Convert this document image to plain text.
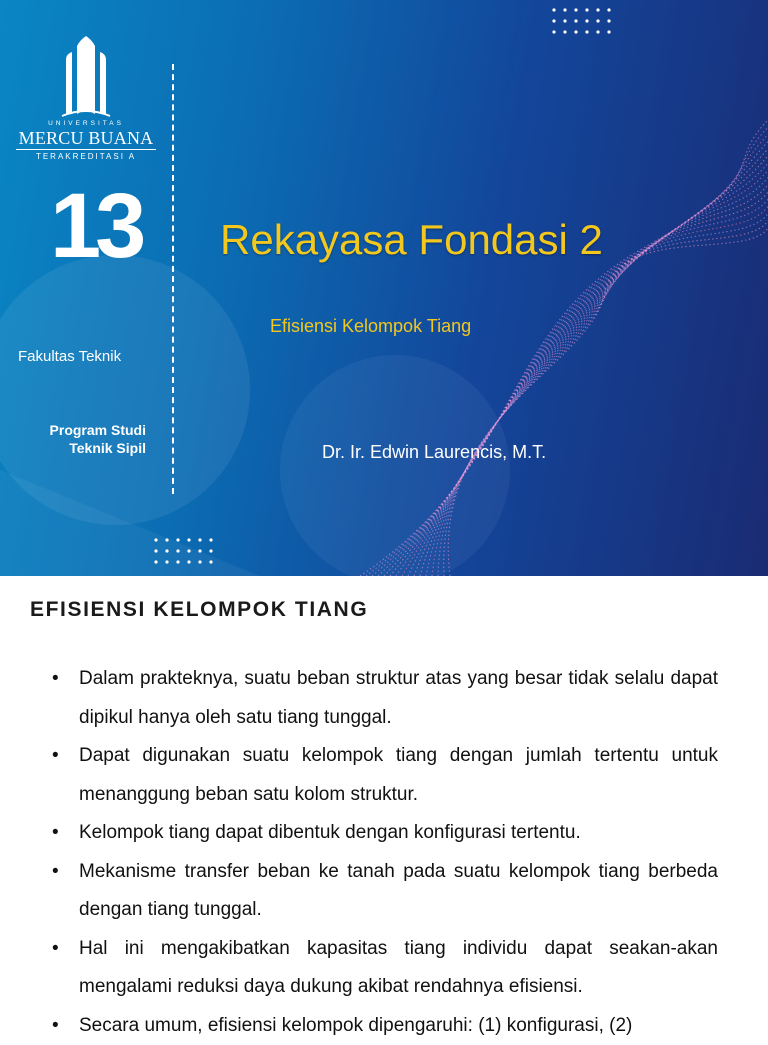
UNIVERSITAS
MERCU BUANA
TERAKREDITASI A
13
Fakultas Teknik
Program Studi
Teknik Sipil
Rekayasa Fondasi 2
Efisiensi Kelompok Tiang
Dr. Ir. Edwin Laurencis, M.T.
EFISIENSI KELOMPOK TIANG
• Dalam prakteknya, suatu beban struktur atas yang besar tidak selalu dapat dipikul hanya oleh satu tiang tunggal.
• Dapat digunakan suatu kelompok tiang dengan jumlah tertentu untuk menanggung beban satu kolom struktur.
• Kelompok tiang dapat dibentuk dengan konfigurasi tertentu.
• Mekanisme transfer beban ke tanah pada suatu kelompok tiang berbeda dengan tiang tunggal.
• Hal ini mengakibatkan kapasitas tiang individu dapat seakan-akan mengalami reduksi daya dukung akibat rendahnya efisiensi.
• Secara umum, efisiensi kelompok dipengaruhi: (1) konfigurasi, (2)
